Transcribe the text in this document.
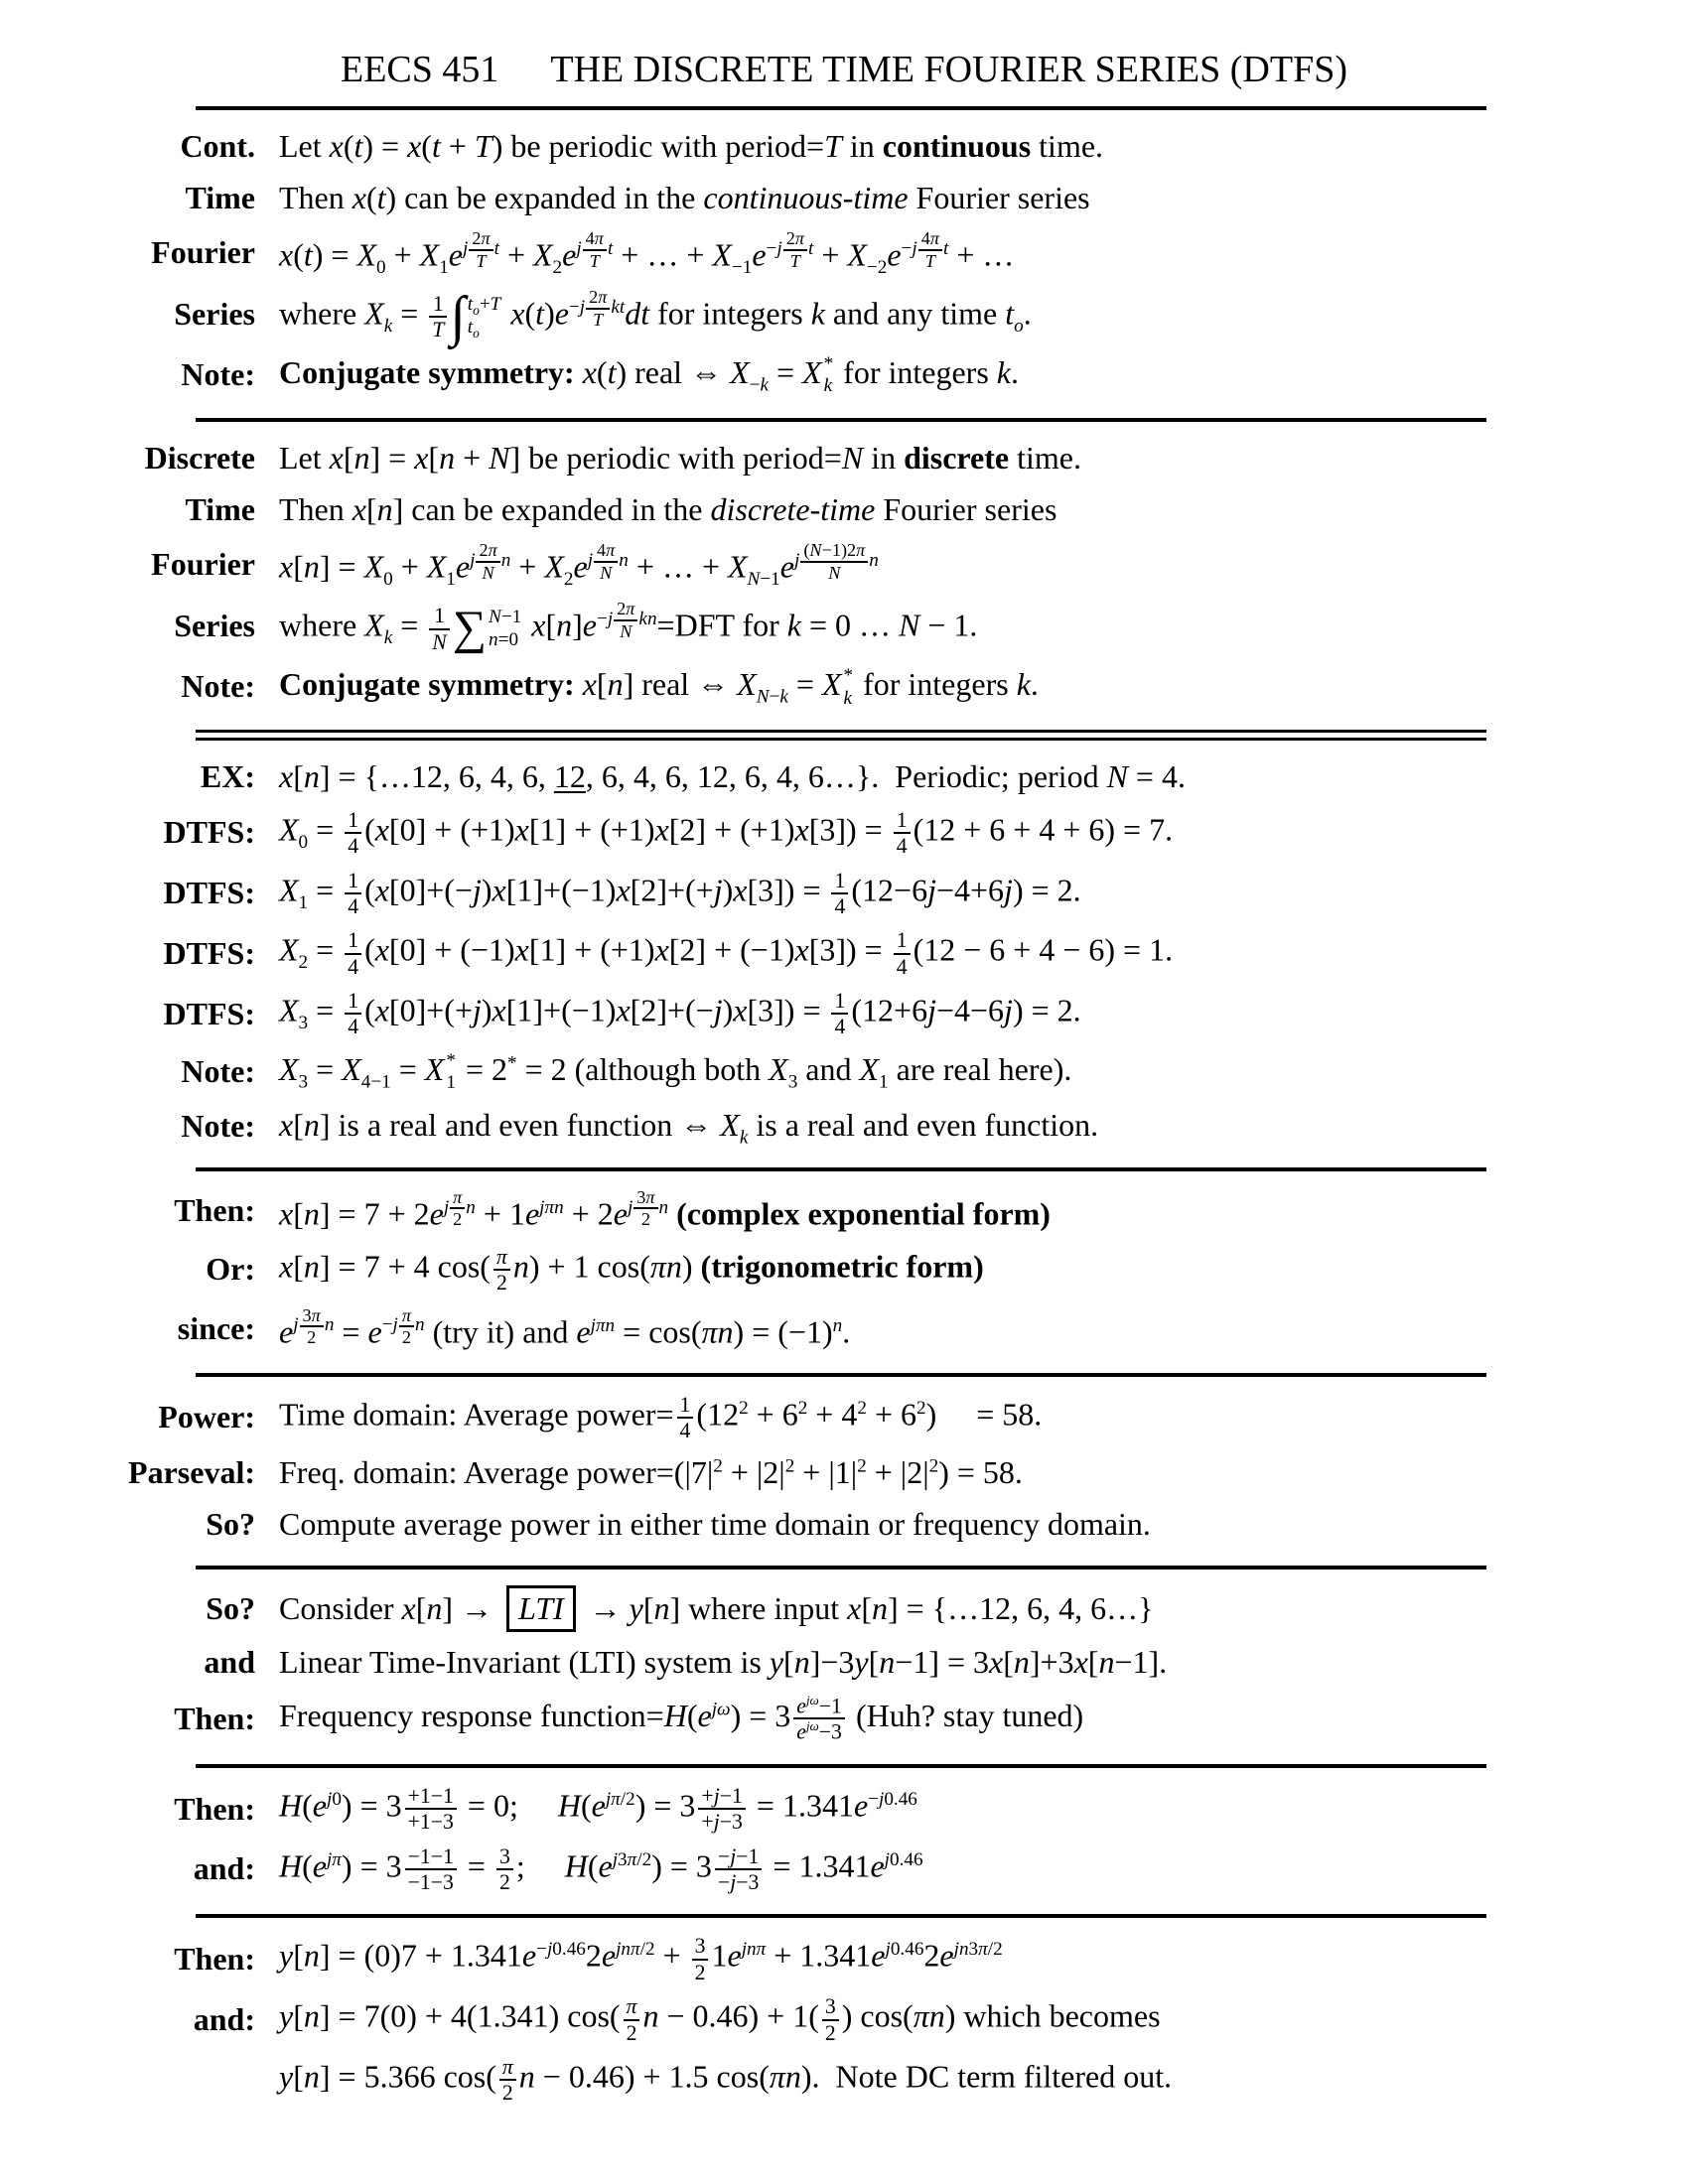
EECS 451 THE DISCRETE TIME FOURIER SERIES (DTFS)
Cont. Let x(t) = x(t + T) be periodic with period=T in continuous time.
Time Then x(t) can be expanded in the continuous-time Fourier series
Fourier $x(t) = X_0 + X_1e^{j \frac{2\pi}{T} t} + X_2e^{j \frac{4\pi}{T} t}$ + … + $X_{-1}e^{-j \frac{2\pi}{T} t} + X_{-2}e^{-j \frac{4\pi}{T} t}$ + …
Series where $X_k = \frac{1}{T}$ ∫ $t_o+T$
$t_o$
$x(t)e^{-j \frac{2\pi}{T} kt}dt$ for integers k and any time $t_o$.
Note: Conjugate symmetry: x(t) real ⇔ $X_{-k} = X$ *
k for integers k.
Discrete Let x[n] = x[n + N] be periodic with period=N in discrete time.
Time Then x[n] can be expanded in the discrete-time Fourier series
Fourier $x[n] = X_0 + X_1e^{j \frac{2\pi}{N} n} + X_2e^{j \frac{4\pi}{N} n}$ + … + $X_{N-1}e^{j \frac{(N-1)2\pi}{N} n}$
Series where $X_k = \frac{1}{N}$ ∑ N−1
n=0 $x[n]e^{-j \frac{2\pi}{N} kn}=DFT$ for k = 0 … N − 1.
Note: Conjugate symmetry: x[n] real ⇔ $X_{N-k} = X$ *
k for integers k.
EX: x[n] = {…12, 6, 4, 6, 12, 6, 4, 6, 12, 6, 4, 6…}. Periodic; period N = 4.
DTFS: $X_0 = \frac{1}{4} (x[0] + (+1)x[1] + (+1)x[2] + (+1)x[3]) = \frac{1}{4} (12 + 6 + 4 + 6) = 7$.
DTFS: $X_1 = \frac{1}{4} (x[0]+(-j)x[1]+(-1)x[2]+(+j)x[3]) = \frac{1}{4} (12-6j-4+6j) = 2$.
DTFS: $X_2 = \frac{1}{4} (x[0] + (-1)x[1] + (+1)x[2] + (-1)x[3]) = \frac{1}{4} (12 - 6 + 4 - 6) = 1$.
DTFS: $X_3 = \frac{1}{4} (x[0]+(+j)x[1]+(-1)x[2]+(-j)x[3]) = \frac{1}{4} (12+6j-4-6j) = 2$.
Note: $X_3 = X_{4-1} = X$ *
1 = 2* = 2 (although both $X_3$ and $X_1$ are real here).
Note: x[n] is a real and even function ⇔ $X_k$ is a real and even function.
Then: $x[n] = 7 + 2e^{j \frac{\pi}{2} n} + 1e^{j\pi n} + 2e^{j \frac{3\pi}{2} n}$ (complex exponential form)
Or: x[n] = 7 + 4 $\cos( \frac{\pi}{2} n) + 1$ cos(πn) (trigonometric form)
since: $e^{j \frac{3\pi}{2} n} = e^{-j \frac{\pi}{2} n}$ (try it) and $e^{j\pi n} = \cos(\pi n) = (-1)^n$.
Power: Time domain: Average power= $\frac{1}{4} (12^2 + 6^2 + 4^2 + 6^2)$  = 58.
Parseval: Freq. domain: Average $power=(|7|^2 + |2|^2 + |1|^2 + |2|^2) = 58$.
So? Compute average power in either time domain or frequency domain.
So? Consider x[n] → LTI → y[n] where input x[n] = {…12, 6, 4, 6…}
and Linear Time-Invariant (LTI) system is y[n]−3y[n−1] = 3x[n]+3x[n−1].
Then: Frequency response $function=H(e^{j\omega}) = 3$ $e^{j\omega}-1$
$e^{j\omega}-3$ (Huh? stay tuned)
Then: $H(e^{j0}) = 3 \frac{+1-1}{+1-3} = 0$;  $H(e^{j\pi/2}) = 3 \frac{+j-1}{+j-3} = 1.341e^{-j0.46}$
and: $H(e^{j\pi}) = 3 \frac{-1-1}{-1-3} = \frac{3}{2}$ ;  $H(e^{j3\pi/2}) = 3 \frac{-j-1}{-j-3} = 1.341e^{j0.46}$
Then: $y[n] = (0)7 + 1.341e^{-j0.46}2e^{jn\pi/2} + \frac{3}{2} 1e^{jn\pi} + 1.341e^{j0.46}2e^{jn3\pi/2}$
and: y[n] = 7(0) + 4(1.341) $\cos( \frac{\pi}{2}$ $n - 0.46) + 1( \frac{3}{2}$ ) cos(πn) which becomes
y[n] = 5.366 $\cos( \frac{\pi}{2}$ n − 0.46) + 1.5 cos(πn). Note DC term filtered out.
